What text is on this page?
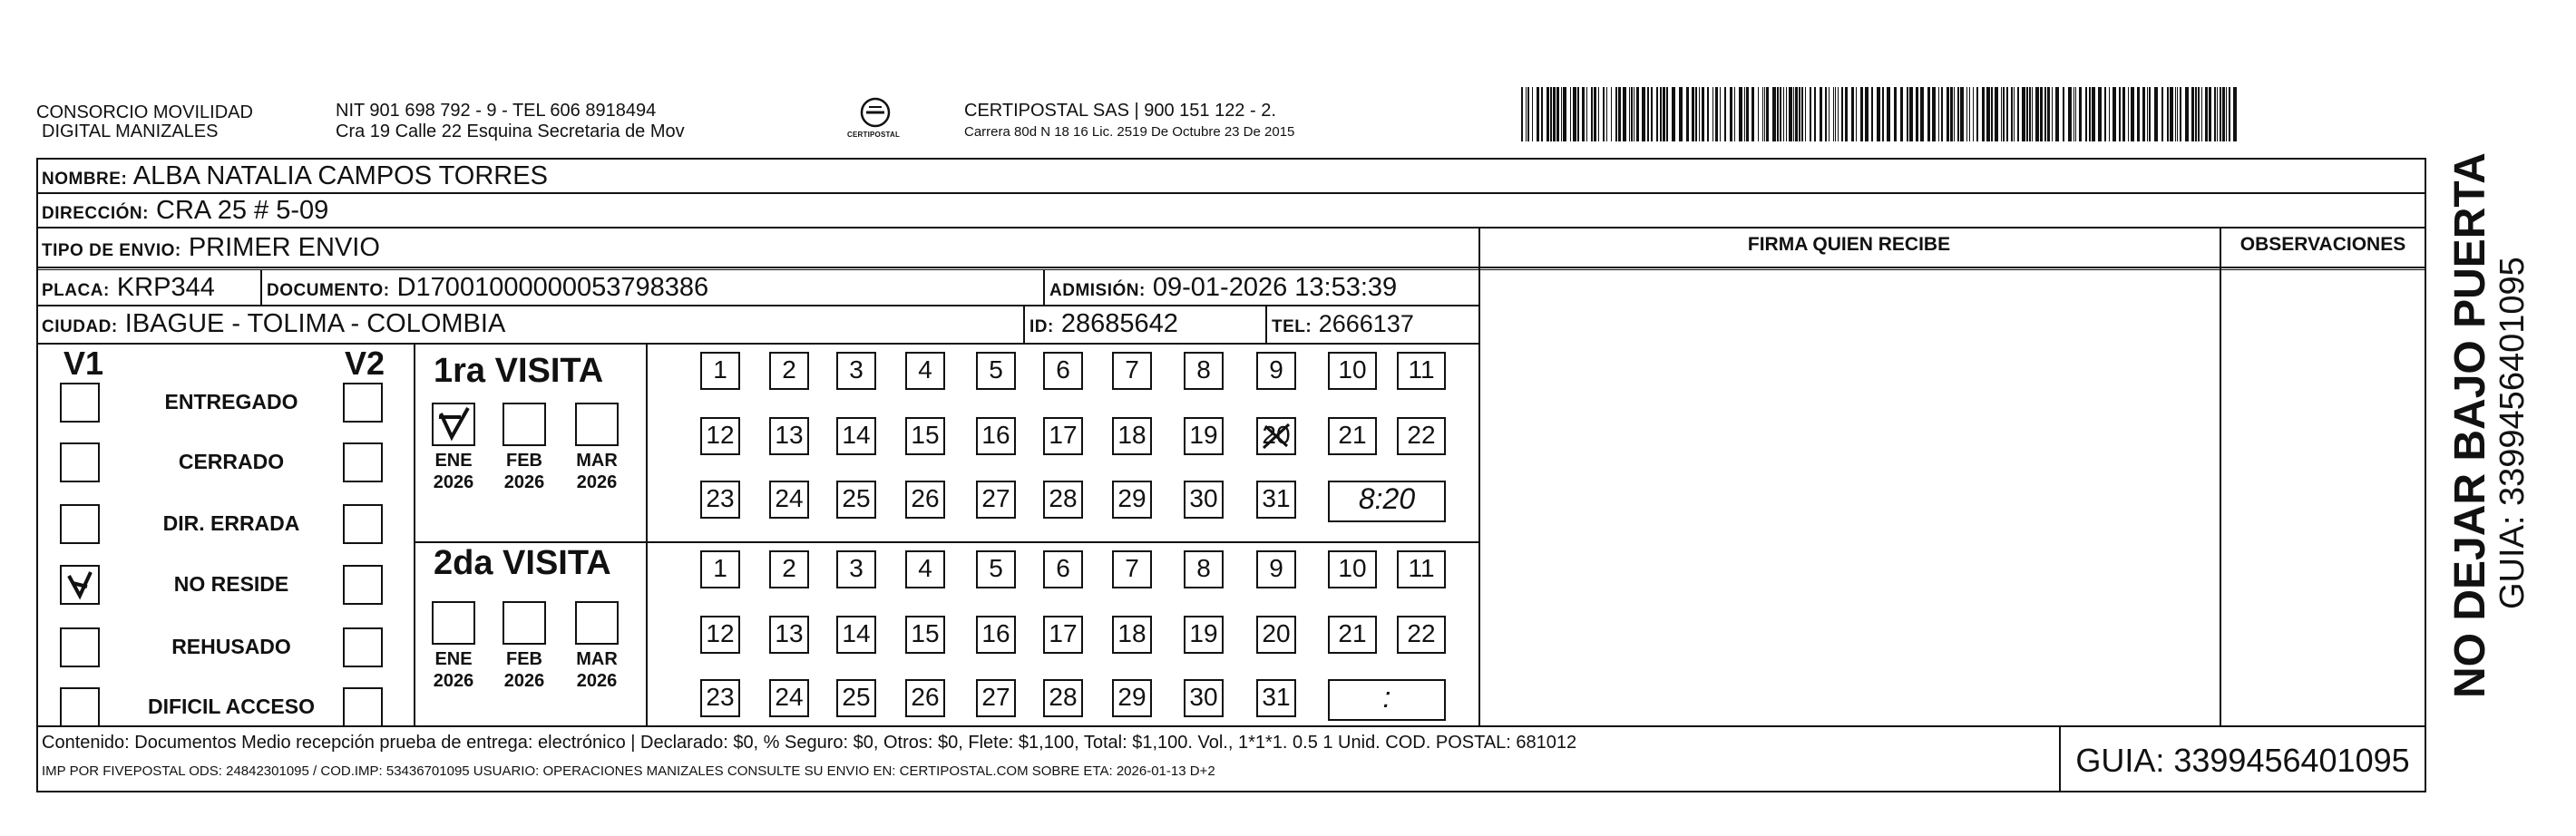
CONSORCIO MOVILIDAD
DIGITAL MANIZALES
NIT 901 698 792 - 9 - TEL 606 8918494
Cra 19 Calle 22 Esquina Secretaria de Mov	CERTIPOSTAL
CERTIPOSTAL SAS | 900 151 122 - 2.
Carrera 80d N 18 16 Lic. 2519 De Octubre 23 De 2015
NOMBRE: ALBA NATALIA CAMPOS TORRES
DIRECCIÓN: CRA 25 # 5-09
TIPO DE ENVIO: PRIMER ENVIO	FIRMA QUIEN RECIBE	OBSERVACIONES
PLACA: KRP344	DOCUMENTO: D17001000000053798386	ADMISIÓN: 09-01-2026 13:53:39
CIUDAD: IBAGUE - TOLIMA - COLOMBIA	ID: 28685642	TEL: 2666137
V1	V2
ENTREGADO
CERRADO
DIR. ERRADA
NO RESIDE
REHUSADO
DIFICIL ACCESO
1ra VISITA
2da VISITA
ENE
2026
FEB
2026
MAR
2026
1	2	3	4	5	6	7	8	9	10	11
12 13 14 15 16 17 18 19 20	21	22
23 24 25 26 27 28 29 30 31	8:20
ENE
2026
FEB
2026
MAR
2026
1	2	3	4	5	6	7	8	9	10	11
12 13 14 15 16 17 18 19 20	21	22
23 24 25 26 27 28 29 30 31	:
Contenido: Documentos Medio recepción prueba de entrega: electrónico | Declarado: $0, % Seguro: $0, Otros: $0, Flete: $1,100, Total: $1,100. Vol., 1*1*1. 0.5 1 Unid. COD. POSTAL: 681012
IMP POR FIVEPOSTAL ODS: 24842301095 / COD.IMP: 53436701095 USUARIO: OPERACIONES MANIZALES CONSULTE SU ENVIO EN: CERTIPOSTAL.COM SOBRE ETA: 2026-01-13 D+2	GUIA: 3399456401095
NO DEJAR BAJO PUERTA GUIA: 3399456401095
